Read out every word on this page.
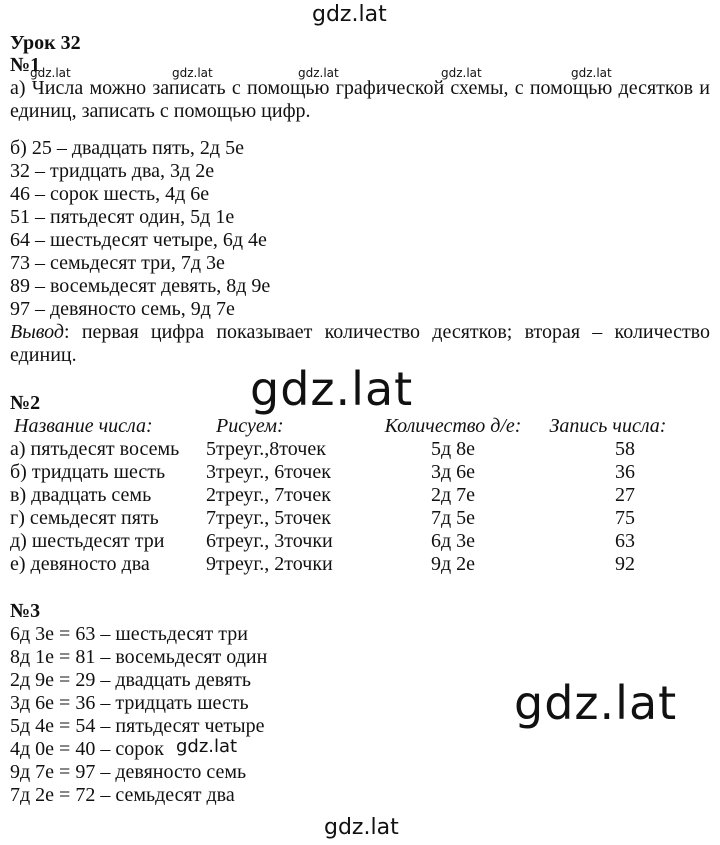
gdz.lat
gdz.lat	gdz.lat	gdz.lat	gdz.lat	gdz.lat
gdz.lat
gdz.lat
gdz.lat
gdz.lat
Урок 32
№1
а) Числа можно записать с помощью графической схемы, с помощью десятков и
единиц, записать с помощью цифр.
б) 25 – двадцать пять, 2д 5е
32 – тридцать два, 3д 2е
46 – сорок шесть, 4д 6е
51 – пятьдесят один, 5д 1е
64 – шестьдесят четыре, 6д 4е
73 – семьдесят три, 7д 3е
89 – восемьдесят девять, 8д 9е
97 – девяносто семь, 9д 7е
Вывод: первая цифра показывает количество десятков; вторая – количество
единиц.
№2
Название числа:	Рисуем:	Количество д/е:	Запись числа:
а) пятьдесят восемь 5треуг.,8точек	5д 8е	58
б) тридцать шесть 3треуг., 6точек	3д 6е	36
в) двадцать семь	2треуг., 7точек	2д 7е	27
г) семьдесят пять 7треуг., 5точек	7д 5е	75
д) шестьдесят три 6треуг., 3точки	6д 3е	63
е) девяносто два	9треуг., 2точки	9д 2е	92
№3
6д 3е = 63 – шестьдесят три
8д 1е = 81 – восемьдесят один
2д 9е = 29 – двадцать девять
3д 6е = 36 – тридцать шесть
5д 4е = 54 – пятьдесят четыре
4д 0е = 40 – сорок
9д 7е = 97 – девяносто семь
7д 2е = 72 – семьдесят два
